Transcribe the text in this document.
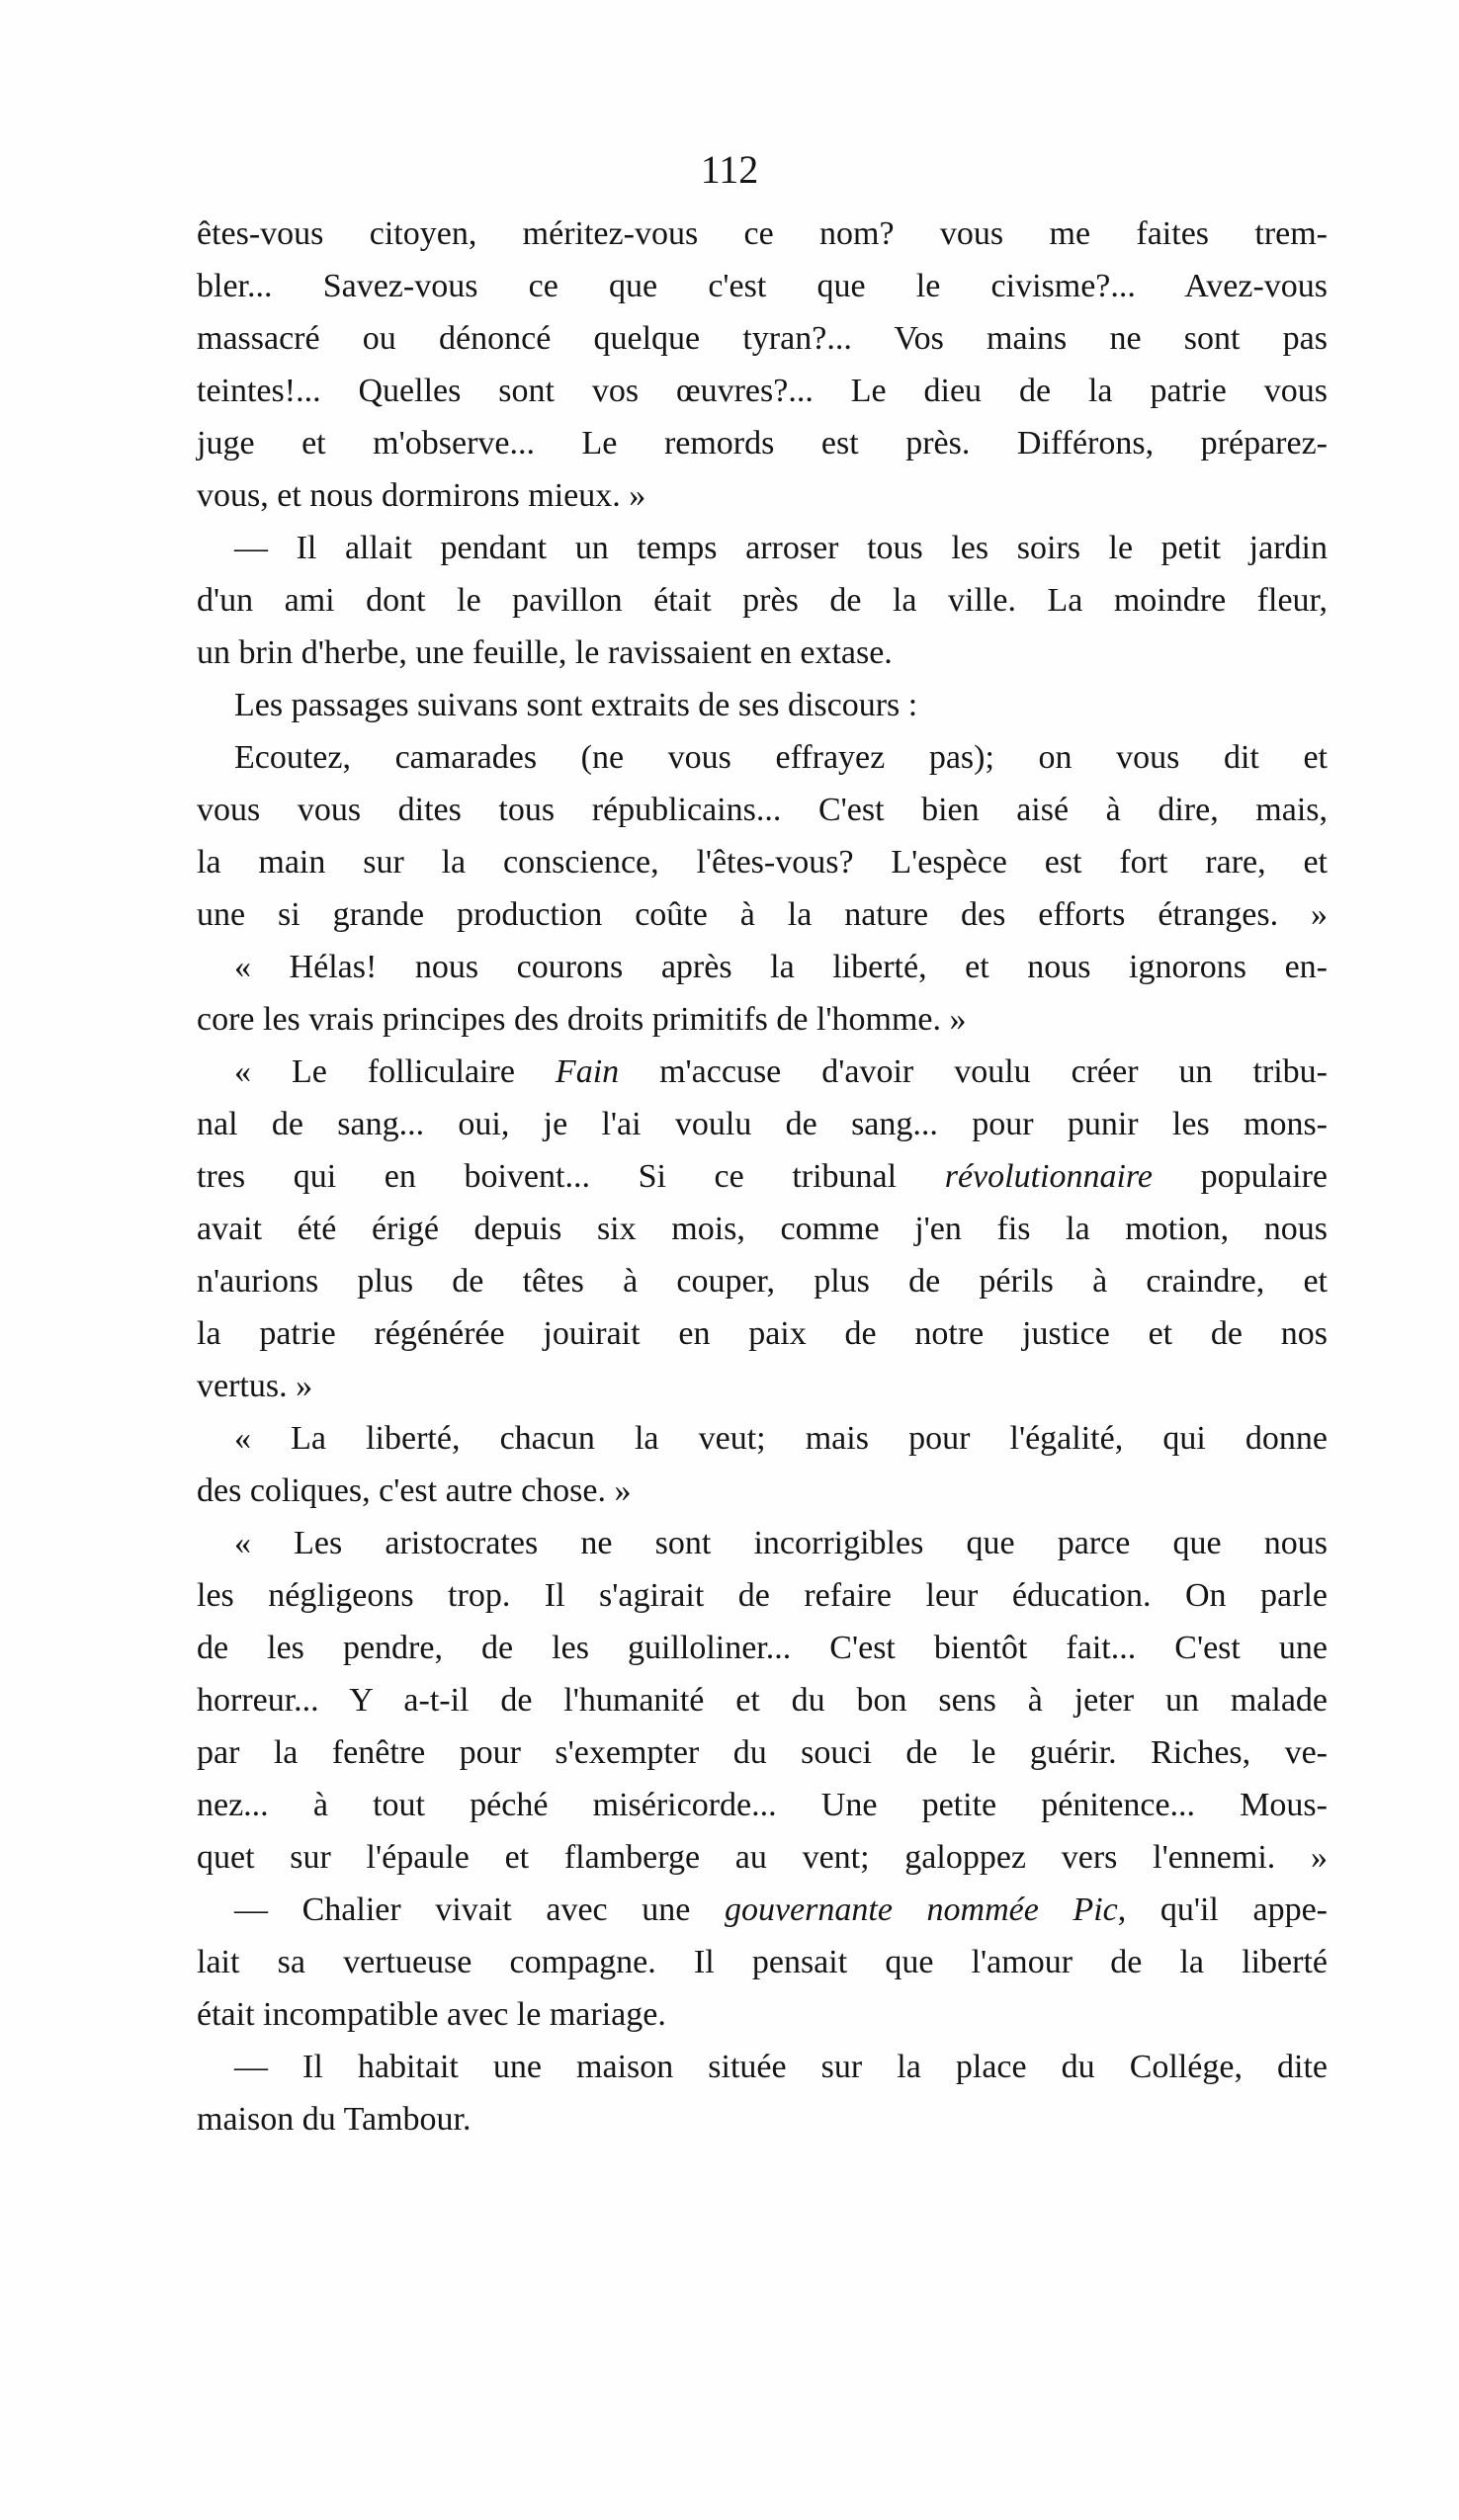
112
êtes-vous citoyen, méritez-vous ce nom? vous me faites trem-
bler... Savez-vous ce que c'est que le civisme?... Avez-vous
massacré ou dénoncé quelque tyran?... Vos mains ne sont pas
teintes!... Quelles sont vos œuvres?... Le dieu de la patrie vous
juge et m'observe... Le remords est près. Différons, préparez-
vous, et nous dormirons mieux. »
— Il allait pendant un temps arroser tous les soirs le petit jardin
d'un ami dont le pavillon était près de la ville. La moindre fleur,
un brin d'herbe, une feuille, le ravissaient en extase.
Les passages suivans sont extraits de ses discours :
Ecoutez, camarades (ne vous effrayez pas); on vous dit et
vous vous dites tous républicains... C'est bien aisé à dire, mais,
la main sur la conscience, l'êtes-vous? L'espèce est fort rare, et
une si grande production coûte à la nature des efforts étranges. »
« Hélas! nous courons après la liberté, et nous ignorons en-
core les vrais principes des droits primitifs de l'homme. »
« Le folliculaire Fain m'accuse d'avoir voulu créer un tribu-
nal de sang... oui, je l'ai voulu de sang... pour punir les mons-
tres qui en boivent... Si ce tribunal révolutionnaire populaire
avait été érigé depuis six mois, comme j'en fis la motion, nous
n'aurions plus de têtes à couper, plus de périls à craindre, et
la patrie régénérée jouirait en paix de notre justice et de nos
vertus. »
« La liberté, chacun la veut; mais pour l'égalité, qui donne
des coliques, c'est autre chose. »
« Les aristocrates ne sont incorrigibles que parce que nous
les négligeons trop. Il s'agirait de refaire leur éducation. On parle
de les pendre, de les guilloliner... C'est bientôt fait... C'est une
horreur... Y a-t-il de l'humanité et du bon sens à jeter un malade
par la fenêtre pour s'exempter du souci de le guérir. Riches, ve-
nez... à tout péché miséricorde... Une petite pénitence... Mous-
quet sur l'épaule et flamberge au vent; galoppez vers l'ennemi. »
— Chalier vivait avec une gouvernante nommée Pic, qu'il appe-
lait sa vertueuse compagne. Il pensait que l'amour de la liberté
était incompatible avec le mariage.
— Il habitait une maison située sur la place du Collége, dite
maison du Tambour.
